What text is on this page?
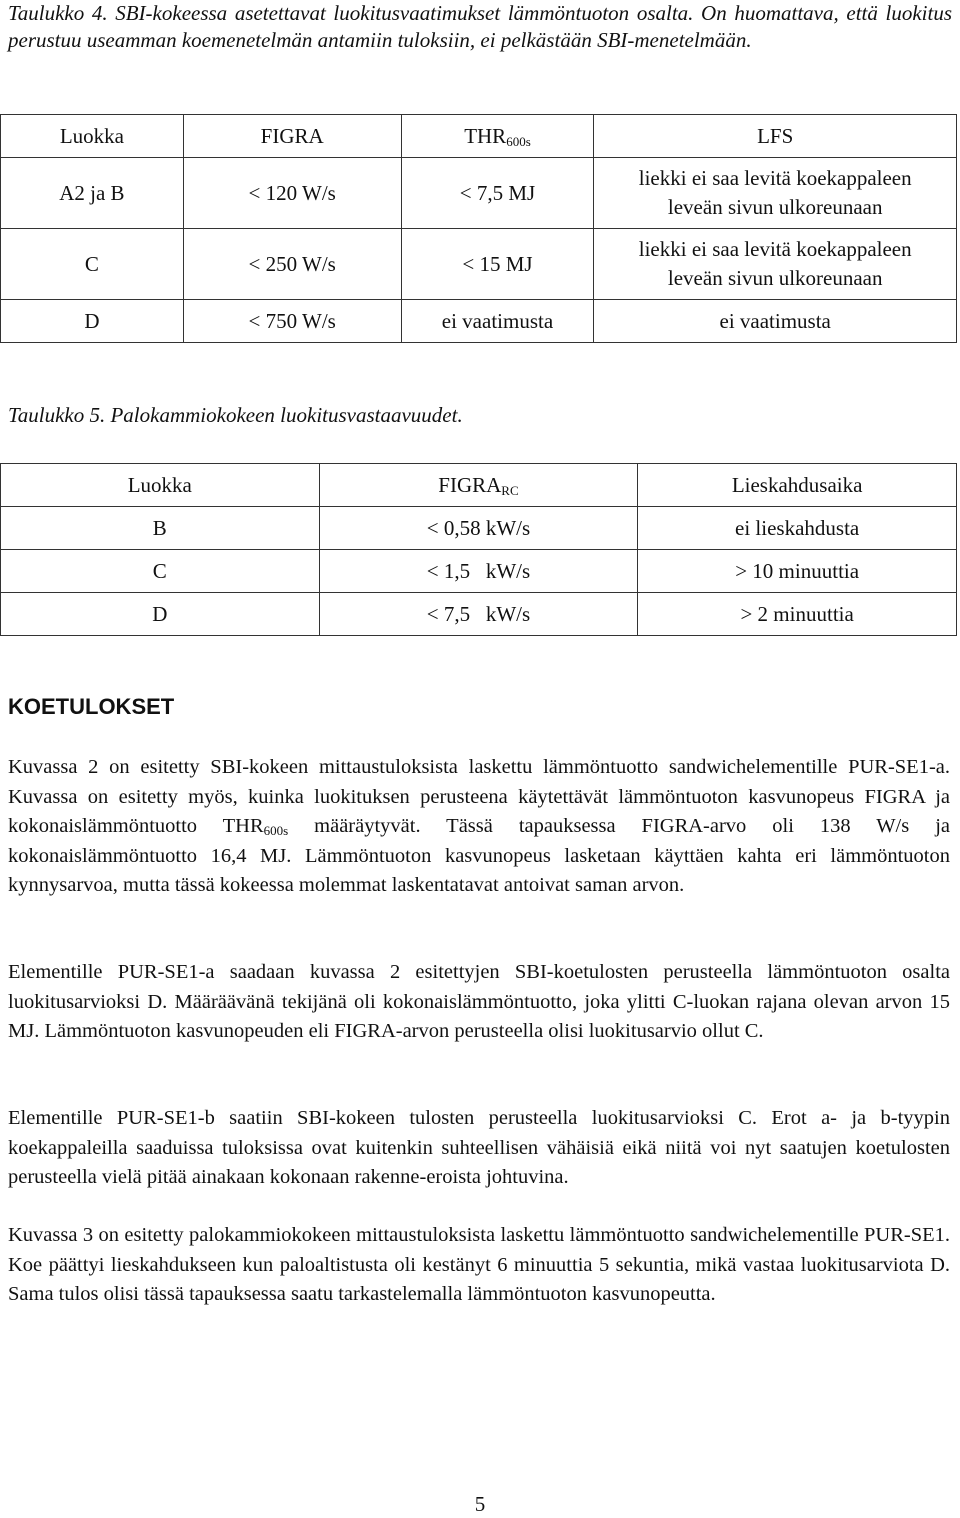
Taulukko 4. SBI-kokeessa asetettavat luokitusvaatimukset lämmöntuoton osalta. On huomattava, että luokitus perustuu useamman koemenetelmän antamiin tuloksiin, ei pelkästään SBI-menetelmään.

Luokka	FIGRA	$THR_{600s}$	LFS
A2 ja B	< 120 W/s	< 7,5 MJ	liekki ei saa levitä koekappaleen
leveän sivun ulkoreunaan
C	< 250 W/s	< 15 MJ	liekki ei saa levitä koekappaleen
leveän sivun ulkoreunaan
D	< 750 W/s	ei vaatimusta	ei vaatimusta

Taulukko 5. Palokammiokokeen luokitusvastaavuudet.

Luokka	$FIGRA_{RC}$	Lieskahdusaika
B	< 0,58 kW/s	ei lieskahdusta
C	< 1,5   kW/s	> 10 minuuttia
D	< 7,5   kW/s	> 2 minuuttia
KOETULOKSET

Kuvassa 2 on esitetty SBI-kokeen mittaustuloksista laskettu lämmöntuotto sandwichelementille PUR-SE1-a. Kuvassa on esitetty myös, kuinka luokituksen perusteena käytettävät lämmöntuoton kasvunopeus FIGRA ja kokonaislämmöntuotto $THR_{600s}$ määräytyvät. Tässä tapauksessa FIGRA-arvo oli 138 W/s ja kokonaislämmöntuotto 16,4 MJ. Lämmöntuoton kasvunopeus lasketaan käyttäen kahta eri lämmöntuoton kynnysarvoa, mutta tässä kokeessa molemmat laskentatavat antoivat saman arvon.

Elementille PUR-SE1-a saadaan kuvassa 2 esitettyjen SBI-koetulosten perusteella lämmöntuoton osalta luokitusarvioksi D. Määräävänä tekijänä oli kokonaislämmöntuotto, joka ylitti C-luokan rajana olevan arvon 15 MJ. Lämmöntuoton kasvunopeuden eli FIGRA-arvon perusteella olisi luokitusarvio ollut C.

Elementille PUR-SE1-b saatiin SBI-kokeen tulosten perusteella luokitusarvioksi C. Erot a- ja b-tyypin koekappaleilla saaduissa tuloksissa ovat kuitenkin suhteellisen vähäisiä eikä niitä voi nyt saatujen koetulosten perusteella vielä pitää ainakaan kokonaan rakenne-eroista johtuvina.

Kuvassa 3 on esitetty palokammiokokeen mittaustuloksista laskettu lämmöntuotto sandwichelementille PUR-SE1. Koe päättyi lieskahdukseen kun paloaltistusta oli kestänyt 6 minuuttia 5 sekuntia, mikä vastaa luokitusarviota D. Sama tulos olisi tässä tapauksessa saatu tarkastelemalla lämmöntuoton kasvunopeutta.

5
